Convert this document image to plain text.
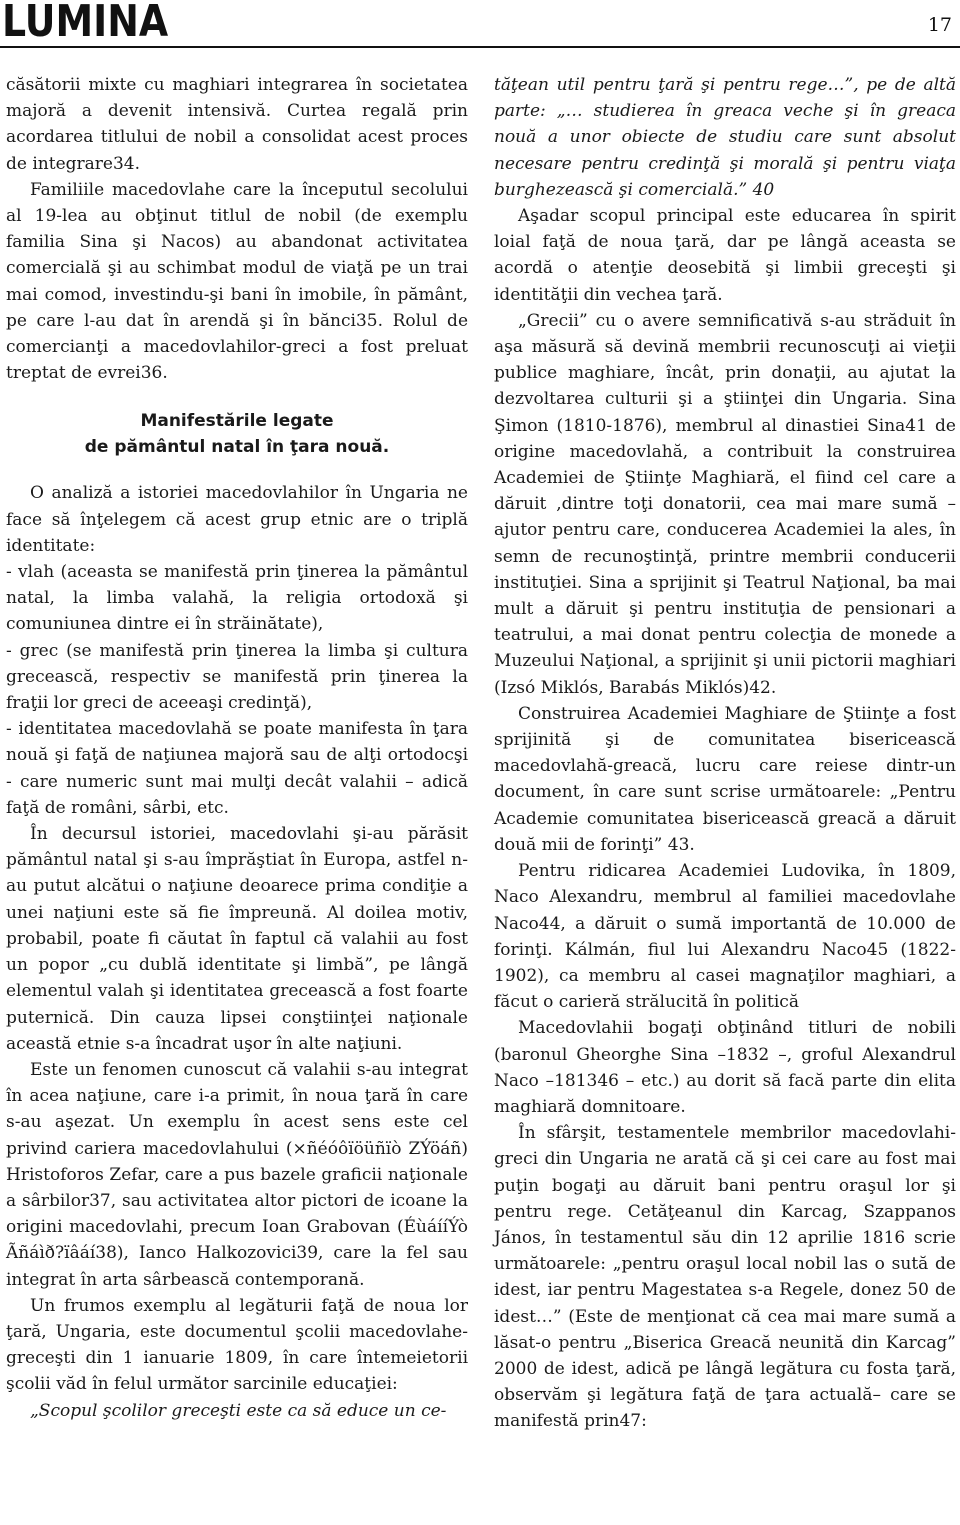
LUMINA	17

căsătorii mixte cu maghiari integrarea în societatea majoră a devenit intensivă. Curtea regală prin acordarea titlului de nobil a consolidat acest proces de integrare34.

Familiile macedovlahe care la începutul secolului al 19-lea au obţinut titlul de nobil (de exemplu familia Sina şi Nacos) au abandonat activitatea comercială şi au schimbat modul de viaţă pe un trai mai comod, investindu-şi bani în imobile, în pământ, pe care l-au dat în arendă şi în bănci35. Rolul de comercianţi a macedovlahilor-greci a fost preluat treptat de evrei36.

Manifestările legate
de pământul natal în ţara nouă.

O analiză a istoriei macedovlahilor în Ungaria ne face să înţelegem că acest grup etnic are o triplă identitate:

- vlah (aceasta se manifestă prin ţinerea la pământul natal, la limba valahă, la religia ortodoxă şi comuniunea dintre ei în străinătate),

- grec (se manifestă prin ţinerea la limba şi cultura grecească, respectiv se manifestă prin ţinerea la fraţii lor greci de aceeaşi credinţă),

- identitatea macedovlahă se poate manifesta în ţara nouă şi faţă de naţiunea majoră sau de alţi ortodocşi - care numeric sunt mai mulţi decât valahii – adică faţă de români, sârbi, etc.

În decursul istoriei, macedovlahi şi-au părăsit pământul natal şi s-au împrăştiat în Europa, astfel n-au putut alcătui o naţiune deoarece prima condiţie a unei naţiuni este să fie împreună. Al doilea motiv, probabil, poate fi căutat în faptul că valahii au fost un popor „cu dublă identitate şi limbă”, pe lângă elementul valah şi identitatea grecească a fost foarte puternică. Din cauza lipsei conştiinţei naţionale această etnie s-a încadrat uşor în alte naţiuni.

Este un fenomen cunoscut că valahii s-au integrat în acea naţiune, care i-a primit, în noua ţară în care s-au aşezat. Un exemplu în acest sens este cel privind cariera macedovlahului (×ñéóôïöüñïò ZÝöáñ) Hristoforos Zefar, care a pus bazele graficii naţionale a sârbilor37, sau activitatea altor pictori de icoane la origini macedovlahi, precum Ioan Grabovan (ÉùáííÝò Ãñáìð?ïâáí38), Ianco Halkozovici39, care la fel sau integrat în arta sârbească contemporană.

Un frumos exemplu al legăturii faţă de noua lor ţară, Ungaria, este documentul şcolii macedovlahe-greceşti din 1 ianuarie 1809, în care întemeietorii şcolii văd în felul următor sarcinile educaţiei:

„Scopul şcolilor greceşti este ca să educe un ce-

tăţean util pentru ţară şi pentru rege…”, pe de altă parte: „… studierea în greaca veche şi în greaca nouă a unor obiecte de studiu care sunt absolut necesare pentru credinţă şi morală şi pentru viaţa burghezească şi comercială.” 40

Aşadar scopul principal este educarea în spirit loial faţă de noua ţară, dar pe lângă aceasta se acordă o atenţie deosebită şi limbii greceşti şi identităţii din vechea ţară.

„Grecii” cu o avere semnificativă s-au străduit în aşa măsură să devină membrii recunoscuţi ai vieţii publice maghiare, încât, prin donaţii, au ajutat la dezvoltarea culturii şi a ştiinţei din Ungaria. Sina Şimon (1810-1876), membrul al dinastiei Sina41 de origine macedovlahă, a contribuit la construirea Academiei de Ştiinţe Maghiară, el fiind cel care a dăruit ,dintre toţi donatorii, cea mai mare sumă – ajutor pentru care, conducerea Academiei la ales, în semn de recunoştinţă, printre membrii conducerii instituţiei. Sina a sprijinit şi Teatrul Naţional, ba mai mult a dăruit şi pentru instituţia de pensionari a teatrului, a mai donat pentru colecţia de monede a Muzeului Naţional, a sprijinit şi unii pictorii maghiari (Izsó Miklós, Barabás Miklós)42.

Construirea Academiei Maghiare de Ştiinţe a fost sprijinită şi de comunitatea bisericească macedovlahă-greacă, lucru care reiese dintr-un document, în care sunt scrise următoarele: „Pentru Academie comunitatea bisericească greacă a dăruit două mii de forinţi” 43.

Pentru ridicarea Academiei Ludovika, în 1809, Naco Alexandru, membrul al familiei macedovlahe Naco44, a dăruit o sumă importantă de 10.000 de forinţi. Kálmán, fiul lui Alexandru Naco45 (1822-1902), ca membru al casei magnaţilor maghiari, a făcut o carieră strălucită în politică

Macedovlahii bogaţi obţinând titluri de nobili (baronul Gheorghe Sina –1832 –, groful Alexandrul Naco –181346 – etc.) au dorit să facă parte din elita maghiară domnitoare.

În sfârşit, testamentele membrilor macedovlahi-greci din Ungaria ne arată că şi cei care au fost mai puţin bogaţi au dăruit bani pentru oraşul lor şi pentru rege. Cetăţeanul din Karcag, Szappanos János, în testamentul său din 12 aprilie 1816 scrie următoarele: „pentru oraşul local nobil las o sută de idest, iar pentru Magestatea s-a Regele, donez 50 de idest…” (Este de menţionat că cea mai mare sumă a lăsat-o pentru „Biserica Greacă neunită din Karcag” 2000 de idest, adică pe lângă legătura cu fosta ţară, observăm şi legătura faţă de ţara actuală– care se manifestă prin47:
